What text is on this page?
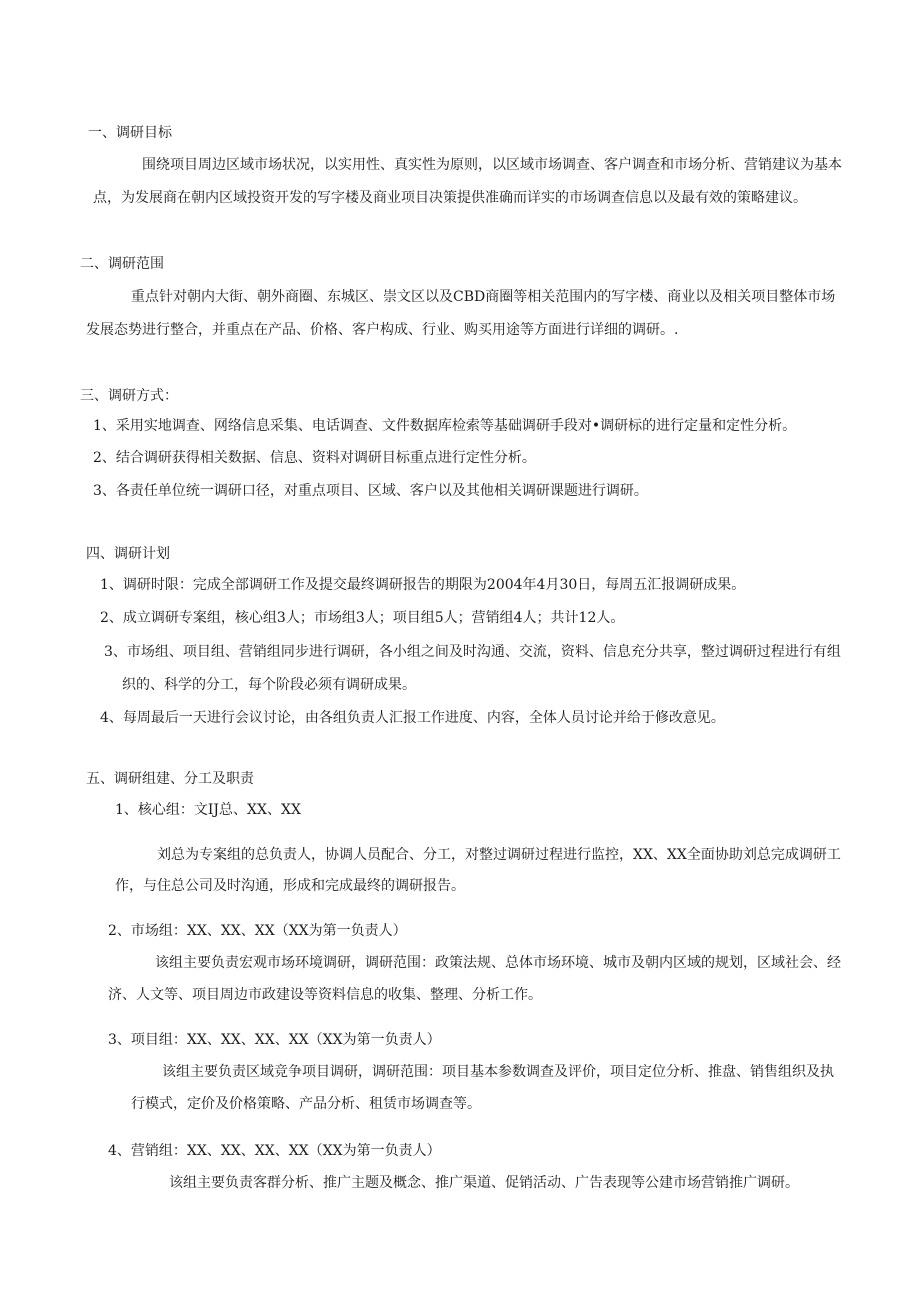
一、调研目标
围绕项目周边区域市场状况，以实用性、真实性为原则，以区域市场调查、客户调查和市场分析、营销建议为基本
点，为发展商在朝内区域投资开发的写字楼及商业项目决策提供准确而详实的市场调查信息以及最有效的策略建议。
二、调研范围
重点针对朝内大街、朝外商圈、东城区、崇文区以及CBD商圈等相关范围内的写字楼、商业以及相关项目整体市场
发展态势进行整合，并重点在产品、价格、客户构成、行业、购买用途等方面进行详细的调研。.
三、调研方式：
1、采用实地调查、网络信息采集、电话调查、文件数据库检索等基础调研手段对•调研标的进行定量和定性分析。
2、结合调研获得相关数据、信息、资料对调研目标重点进行定性分析。
3、各责任单位统一调研口径，对重点项目、区域、客户以及其他相关调研课题进行调研。
四、调研计划
1、调研时限：完成全部调研工作及提交最终调研报告的期限为2004年4月30日，每周五汇报调研成果。
2、成立调研专案组，核心组3人；市场组3人；项目组5人；营销组4人；共计12人。
3、市场组、项目组、营销组同步进行调研，各小组之间及时沟通、交流，资料、信息充分共享，整过调研过程进行有组
织的、科学的分工，每个阶段必须有调研成果。
4、每周最后一天进行会议讨论，由各组负责人汇报工作进度、内容，全体人员讨论并给于修改意见。
五、调研组建、分工及职责
1、核心组：文IJ总、XX、XX
刘总为专案组的总负责人，协调人员配合、分工，对整过调研过程进行监控，XX、XX全面协助刘总完成调研工
作，与住总公司及时沟通，形成和完成最终的调研报告。
2、市场组：XX、XX、XX（XX为第一负责人）
该组主要负责宏观市场环境调研，调研范围：政策法规、总体市场环境、城市及朝内区域的规划，区域社会、经
济、人文等、项目周边市政建设等资料信息的收集、整理、分析工作。
3、项目组：XX、XX、XX、XX（XX为第一负责人）
该组主要负责区域竞争项目调研，调研范围：项目基本参数调查及评价，项目定位分析、推盘、销售组织及执
行模式，定价及价格策略、产品分析、租赁市场调查等。
4、营销组：XX、XX、XX、XX（XX为第一负责人）
该组主要负责客群分析、推广主题及概念、推广渠道、促销活动、广告表现等公建市场营销推广调研。
